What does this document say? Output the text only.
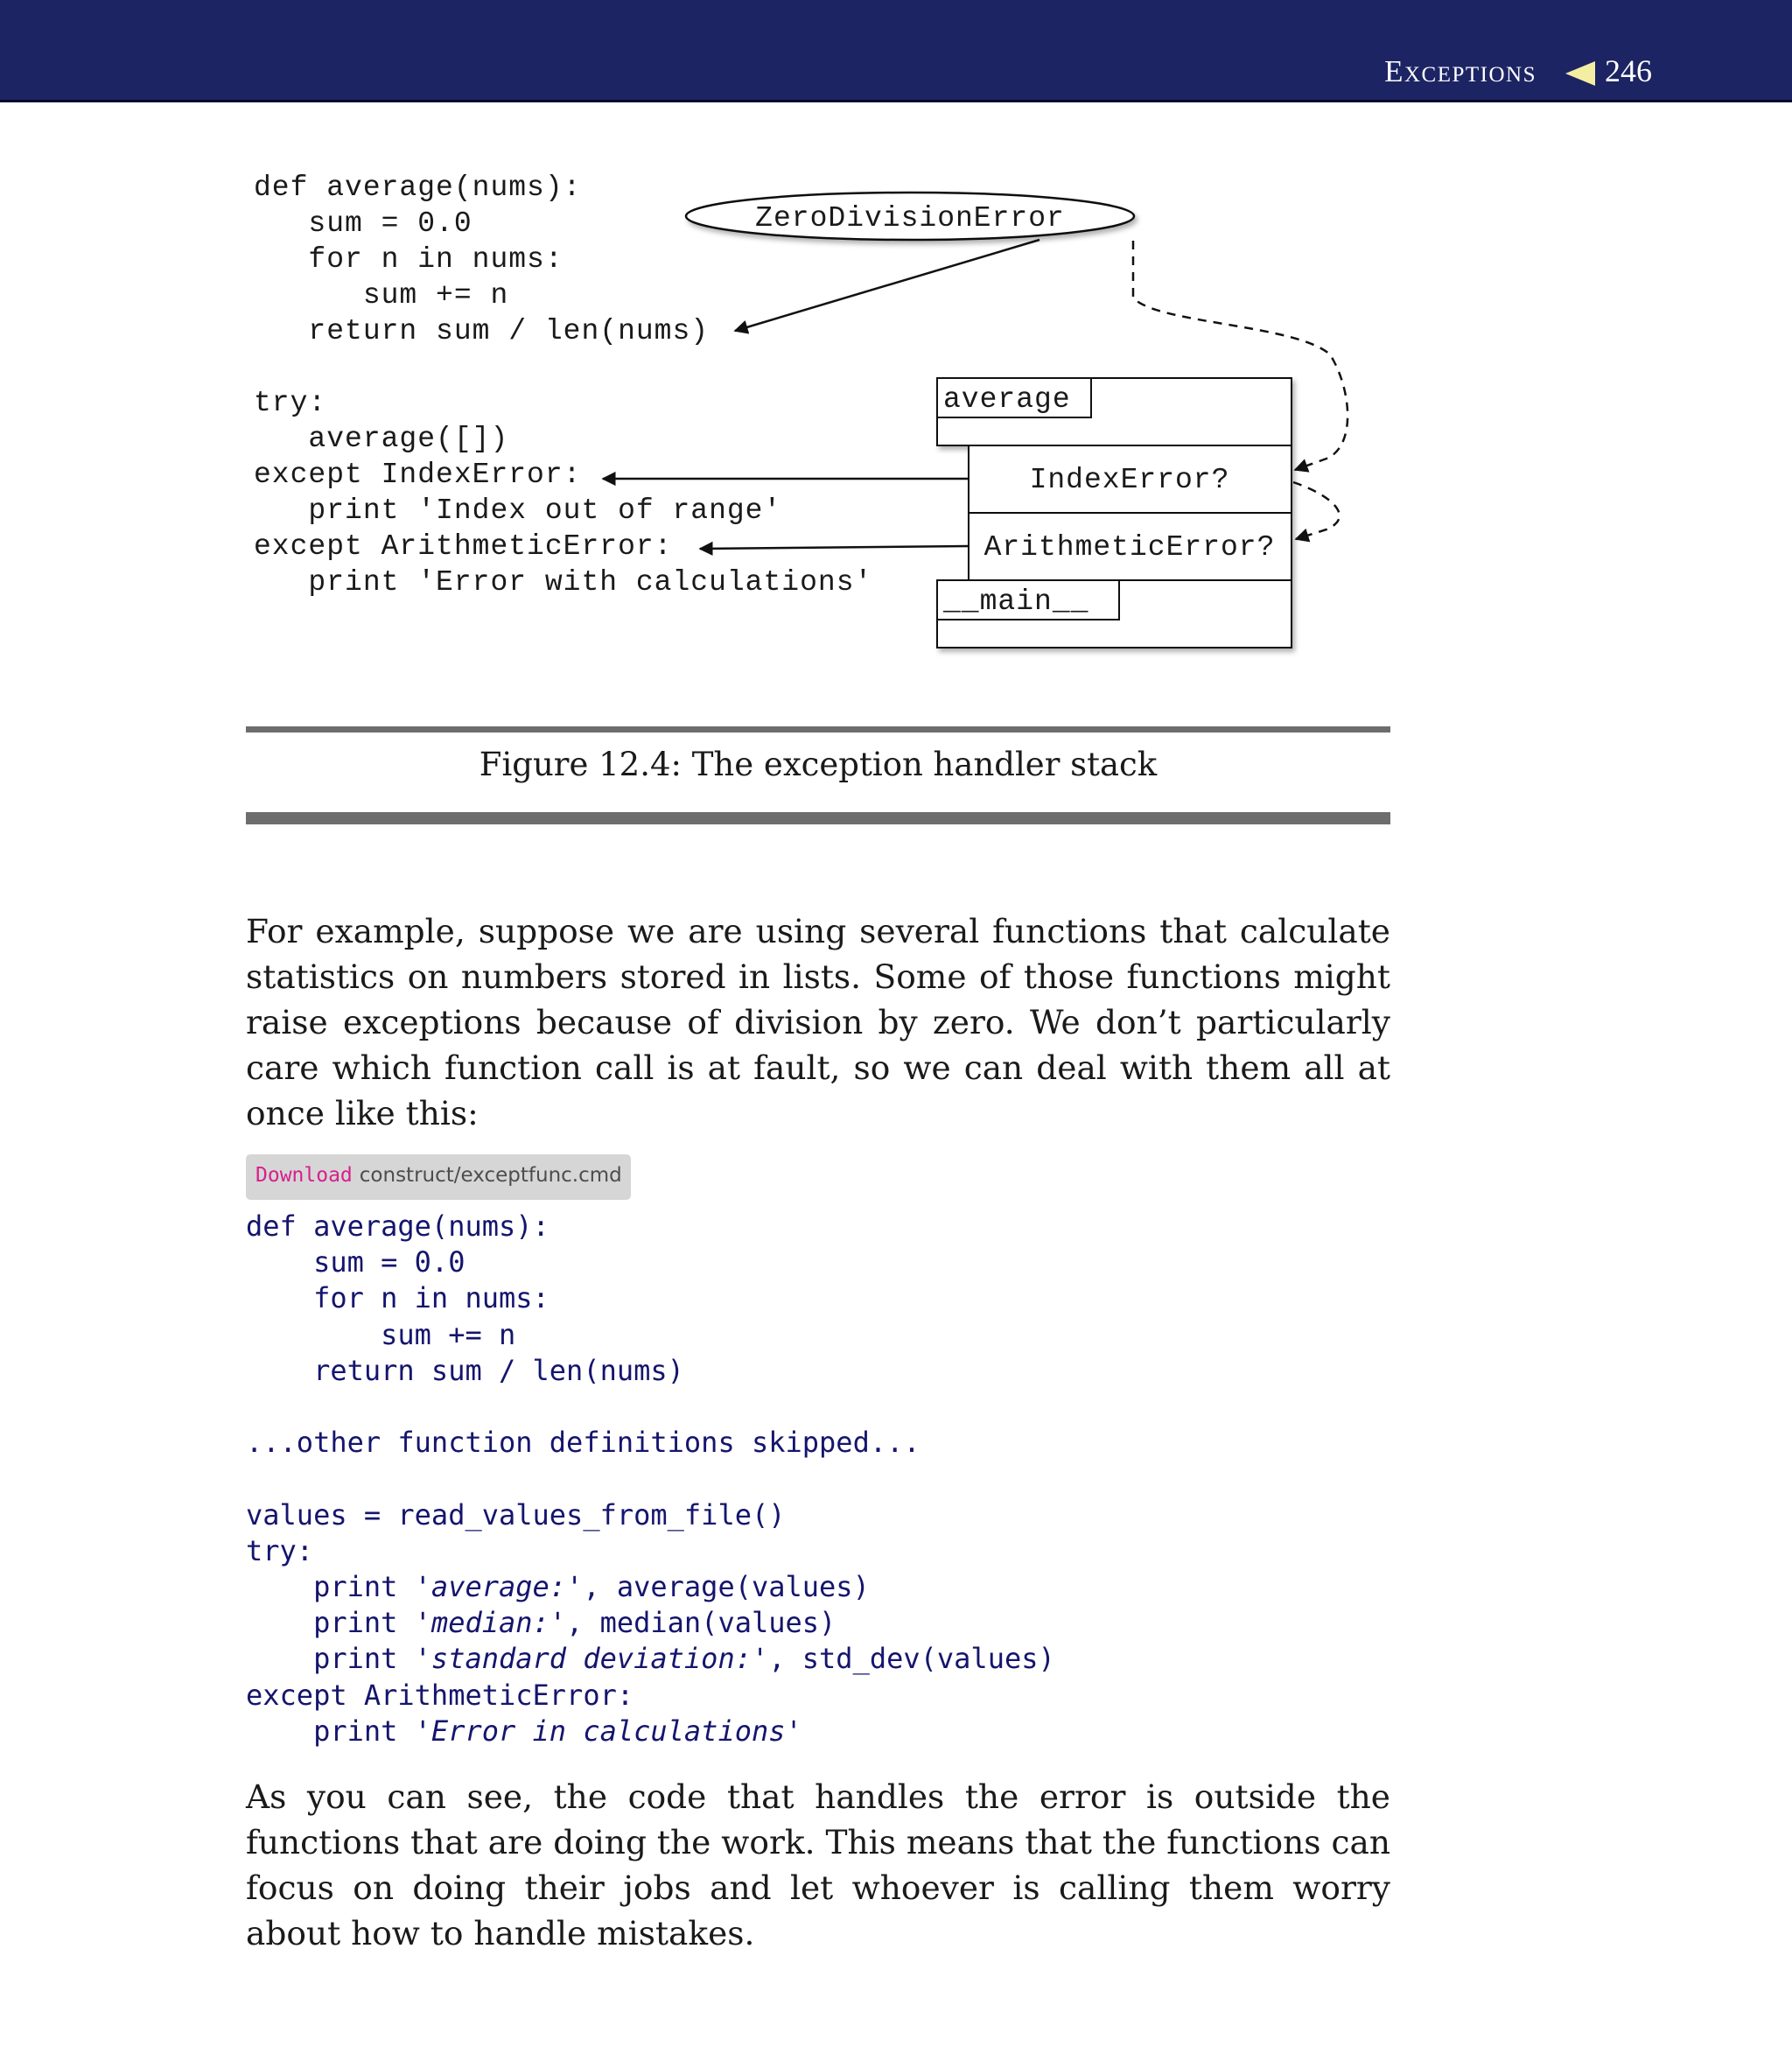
Exceptions 246
def average(nums):
sum = 0.0
for n in nums:
sum += n
return sum / len(nums)
try:
average([])
except IndexError:
print 'Index out of range'
except ArithmeticError:
print 'Error with calculations'
ZeroDivisionError
average
__main__
IndexError?
ArithmeticError?
Figure 12.4: The exception handler stack

For example, suppose we are using several functions that calculate statistics on numbers stored in lists. Some of those functions might raise exceptions because of division by zero. We don’t particularly care which function call is at fault, so we can deal with them all at once like this:

Download construct/exceptfunc.cmd
def average(nums):
sum = 0.0
for n in nums:
sum += n
return sum / len(nums)

...other function definitions skipped...

values = read_values_from_file()
try:
print 'average:', average(values)
print 'median:', median(values)
print 'standard deviation:', std_dev(values)
except ArithmeticError:
print 'Error in calculations'

As you can see, the code that handles the error is outside the functions that are doing the work. This means that the functions can focus on doing their jobs and let whoever is calling them worry about how to handle mistakes.
